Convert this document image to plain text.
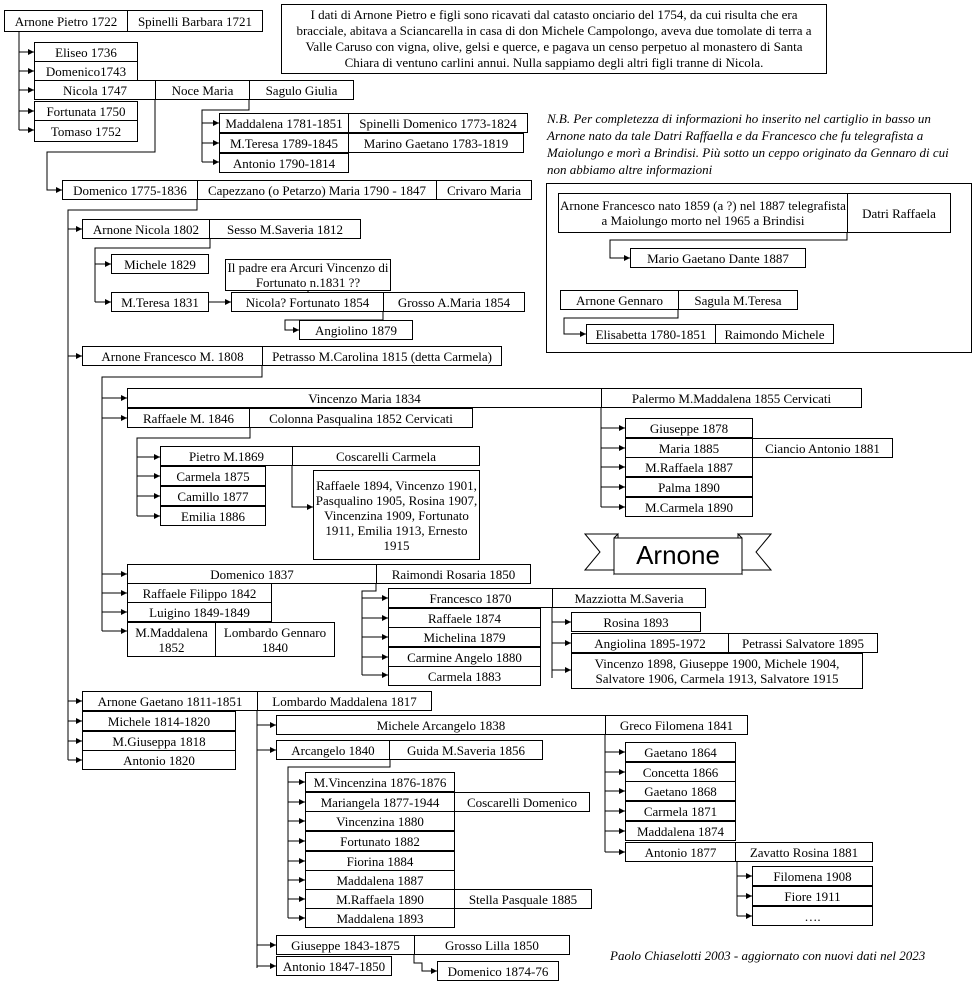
I dati di Arnone Pietro e figli sono ricavati dal catasto onciario del 1754, da cui risulta che era bracciale, abitava a Sciancarella in casa di don Michele Campolongo, aveva due tomolate di terra a Valle Caruso con vigna, olive, gelsi e querce, e pagava un censo perpetuo al monastero di Santa Chiara di ventuno carlini annui. Nulla sappiamo degli altri figli tranne di Nicola.
N.B. Per completezza di informazioni ho inserito nel cartiglio in basso un Arnone nato da tale Datri Raffaella e da Francesco che fu telegrafista a Maiolungo e morì a Brindisi. Più sotto un ceppo originato da Gennaro di cui non abbiamo altre informazioni
Arnone
Paolo Chiaselotti 2003 - aggiornato con nuovi dati nel 2023
Arnone Pietro 1722	Spinelli Barbara 1721
Eliseo 1736
Domenico1743
Nicola 1747	Noce Maria	Sagulo Giulia
Fortunata 1750
Tomaso 1752
Maddalena 1781-1851	Spinelli Domenico 1773-1824
M.Teresa 1789-1845	Marino Gaetano 1783-1819
Antonio 1790-1814
Domenico 1775-1836	Capezzano (o Petarzo) Maria 1790 - 1847	Crivaro Maria
Arnone Nicola 1802	Sesso M.Saveria 1812
Michele 1829	Il padre era Arcuri Vincenzo di Fortunato n.1831 ??
M.Teresa 1831	Nicola? Fortunato 1854	Grosso A.Maria 1854
Angiolino 1879
Arnone Francesco M. 1808	Petrasso M.Carolina 1815 (detta Carmela)
Vincenzo Maria 1834	Palermo M.Maddalena 1855 Cervicati
Raffaele M. 1846	Colonna Pasqualina 1852 Cervicati
Giuseppe 1878
Maria 1885	Ciancio Antonio 1881
M.Raffaela 1887
Palma 1890
M.Carmela 1890
Pietro M.1869	Coscarelli Carmela
Carmela 1875
Camillo 1877
Emilia 1886
Raffaele 1894, Vincenzo 1901, Pasqualino 1905, Rosina 1907, Vincenzina 1909, Fortunato 1911, Emilia 1913, Ernesto 1915
Domenico 1837	Raimondi Rosaria 1850
Raffaele Filippo 1842
Luigino 1849-1849
M.Maddalena 1852
Lombardo Gennaro 1840
Francesco 1870	Mazziotta M.Saveria
Raffaele 1874
Michelina 1879
Carmine Angelo 1880
Carmela 1883
Rosina 1893
Angiolina 1895-1972	Petrassi Salvatore 1895
Vincenzo 1898, Giuseppe 1900, Michele 1904, Salvatore 1906, Carmela 1913, Salvatore 1915
Arnone Gaetano 1811-1851	Lombardo Maddalena 1817
Michele 1814-1820
M.Giuseppa 1818
Antonio 1820
Michele Arcangelo 1838	Greco Filomena 1841
Arcangelo 1840	Guida M.Saveria 1856
M.Vincenzina 1876-1876
Mariangela 1877-1944	Coscarelli Domenico
Vincenzina 1880
Fortunato 1882
Fiorina 1884
Maddalena 1887
M.Raffaela 1890	Stella Pasquale 1885
Maddalena 1893
Gaetano 1864
Concetta 1866
Gaetano 1868
Carmela 1871
Maddalena 1874
Antonio 1877	Zavatto Rosina 1881
Filomena 1908
Fiore 1911
….
Giuseppe 1843-1875	Grosso Lilla 1850
Antonio 1847-1850	Domenico 1874-76
Arnone Francesco nato 1859 (a ?) nel 1887 telegrafista a Maiolungo morto nel 1965 a Brindisi	Datri Raffaela
Mario Gaetano Dante 1887
Arnone Gennaro	Sagula M.Teresa
Elisabetta 1780-1851	Raimondo Michele
